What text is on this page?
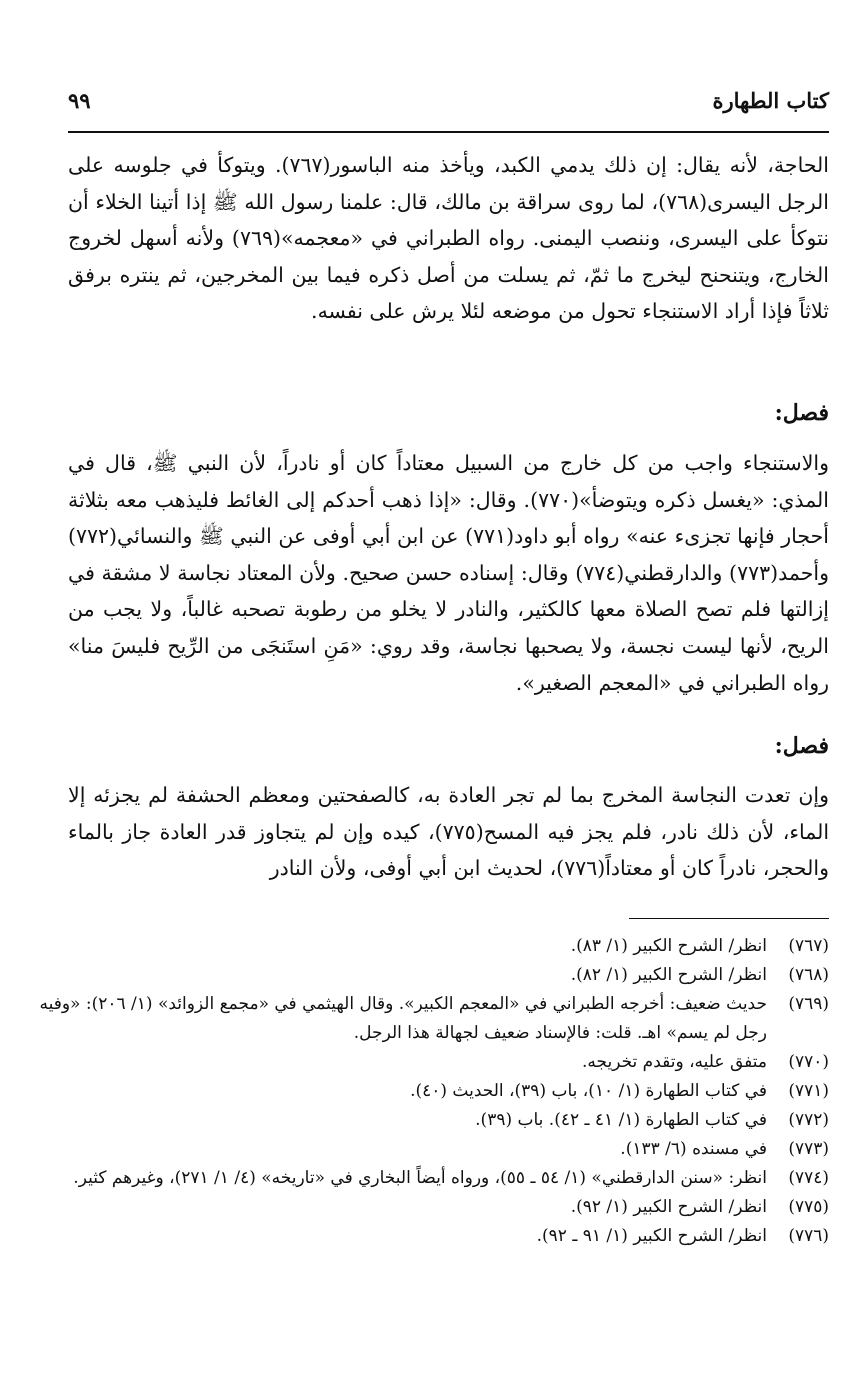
كتاب الطهارة
٩٩

الحاجة، لأنه يقال: إن ذلك يدمي الكبد، ويأخذ منه الباسور(٧٦٧). ويتوكأ في جلوسه على الرجل اليسرى(٧٦٨)، لما روى سراقة بن مالك، قال: علمنا رسول الله ﷺ إذا أتينا الخلاء أن نتوكأ على اليسرى، وننصب اليمنى. رواه الطبراني في «معجمه»(٧٦٩) ولأنه أسهل لخروج الخارج، ويتنحنح ليخرج ما ثمّ، ثم يسلت من أصل ذكره فيما بين المخرجين، ثم ينتره برفق ثلاثاً فإذا أراد الاستنجاء تحول من موضعه لئلا يرش على نفسه.

فصل:

والاستنجاء واجب من كل خارج من السبيل معتاداً كان أو نادراً، لأن النبي ﷺ، قال في المذي: «يغسل ذكره ويتوضأ»(٧٧٠). وقال: «إذا ذهب أحدكم إلى الغائط فليذهب معه بثلاثة أحجار فإنها تجزىء عنه» رواه أبو داود(٧٧١) عن ابن أبي أوفى عن النبي ﷺ والنسائي(٧٧٢) وأحمد(٧٧٣) والدارقطني(٧٧٤) وقال: إسناده حسن صحيح. ولأن المعتاد نجاسة لا مشقة في إزالتها فلم تصح الصلاة معها كالكثير، والنادر لا يخلو من رطوبة تصحبه غالباً، ولا يجب من الريح، لأنها ليست نجسة، ولا يصحبها نجاسة، وقد روي: «مَنِ استَنجَى من الرِّيح فليسَ منا» رواه الطبراني في «المعجم الصغير».

فصل:

وإن تعدت النجاسة المخرج بما لم تجر العادة به، كالصفحتين ومعظم الحشفة لم يجزئه إلا الماء، لأن ذلك نادر، فلم يجز فيه المسح(٧٧٥)، كيده وإن لم يتجاوز قدر العادة جاز بالماء والحجر، نادراً كان أو معتاداً(٧٧٦)، لحديث ابن أبي أوفى، ولأن النادر

(٧٦٧)
انظر/ الشرح الكبير (١/ ٨٣).
(٧٦٨)
انظر/ الشرح الكبير (١/ ٨٢).
(٧٦٩)
حديث ضعيف: أخرجه الطبراني في «المعجم الكبير». وقال الهيثمي في «مجمع الزوائد» (١/ ٢٠٦): «وفيه رجل لم يسم» اهـ. قلت: فالإسناد ضعيف لجهالة هذا الرجل.
(٧٧٠)
متفق عليه، وتقدم تخريجه.
(٧٧١)
في كتاب الطهارة (١/ ١٠)، باب (٣٩)، الحديث (٤٠).
(٧٧٢)
في كتاب الطهارة (١/ ٤١ ـ ٤٢). باب (٣٩).
(٧٧٣)
في مسنده (٦/ ١٣٣).
(٧٧٤)
انظر: «سنن الدارقطني» (١/ ٥٤ ـ ٥٥)، ورواه أيضاً البخاري في «تاريخه» (٤/ ١/ ٢٧١)، وغيرهم كثير.
(٧٧٥)
انظر/ الشرح الكبير (١/ ٩٢).
(٧٧٦)
انظر/ الشرح الكبير (١/ ٩١ ـ ٩٢).
